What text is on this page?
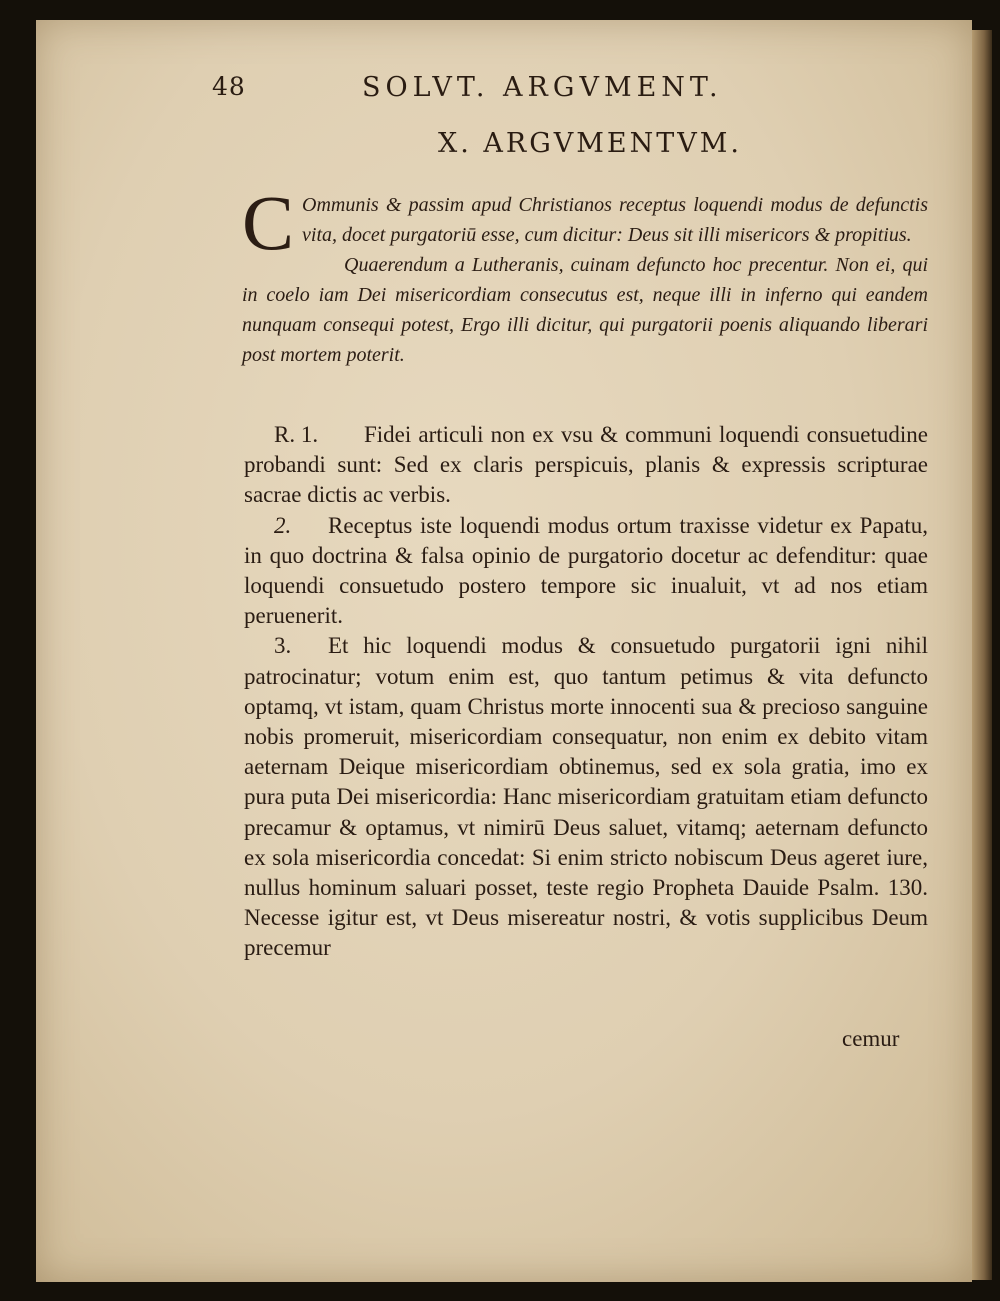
48	SOLVT. ARGVMENT.
X. ARGVMENTVM.
C Ommunis & passim apud Christianos receptus loquendi modus de defunctis vita, docet purgatoriū esse, cum dicitur: Deus sit illi misericors & propitius.

Quaerendum a Lutheranis, cuinam defuncto hoc precentur. Non ei, qui in coelo iam Dei misericordiam consecutus est, neque illi in inferno qui eandem nunquam consequi potest, Ergo illi dicitur, qui purgatorii poenis aliquando liberari post mortem poterit.

R. 1. Fidei articuli non ex vsu & communi loquendi consuetudine probandi sunt: Sed ex claris perspicuis, planis & expressis scripturae sacrae dictis ac verbis.

2. Receptus iste loquendi modus ortum traxisse videtur ex Papatu, in quo doctrina & falsa opinio de purgatorio docetur ac defenditur: quae loquendi consuetudo postero tempore sic inualuit, vt ad nos etiam peruenerit.

3. Et hic loquendi modus & consuetudo purgatorii igni nihil patrocinatur; votum enim est, quo tantum petimus & vita defuncto optamq, vt istam, quam Christus morte innocenti sua & precioso sanguine nobis promeruit, misericordiam consequatur, non enim ex debito vitam aeternam Deique misericordiam obtinemus, sed ex sola gratia, imo ex pura puta Dei misericordia: Hanc misericordiam gratuitam etiam defuncto precamur & optamus, vt nimirū Deus saluet, vitamq; aeternam defuncto ex sola misericordia concedat: Si enim stricto nobiscum Deus ageret iure, nullus hominum saluari posset, teste regio Propheta Dauide Psalm. 130. Necesse igitur est, vt Deus misereatur nostri, & votis supplicibus Deum precemur

cemur
